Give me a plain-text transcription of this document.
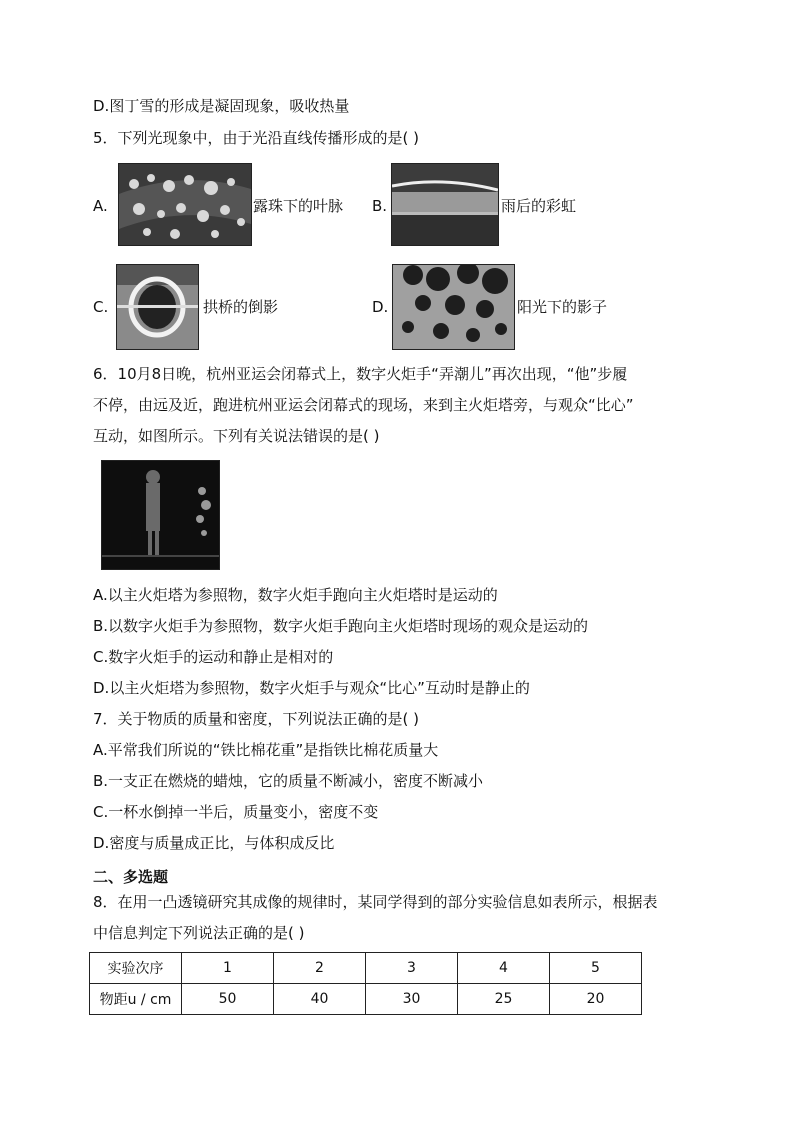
D.图丁雪的形成是凝固现象，吸收热量
5．下列光现象中，由于光沿直线传播形成的是( )
A.	露珠下的叶脉 B.	雨后的彩虹
C.	拱桥的倒影	D.	阳光下的影子
6．10月8日晚，杭州亚运会闭幕式上，数字火炬手“弄潮儿”再次出现，“他”步履
不停，由远及近，跑进杭州亚运会闭幕式的现场，来到主火炬塔旁，与观众“比心”
互动，如图所示。下列有关说法错误的是( )
A.以主火炬塔为参照物，数字火炬手跑向主火炬塔时是运动的
B.以数字火炬手为参照物，数字火炬手跑向主火炬塔时现场的观众是运动的
C.数字火炬手的运动和静止是相对的
D.以主火炬塔为参照物，数字火炬手与观众“比心”互动时是静止的
7．关于物质的质量和密度，下列说法正确的是( )
A.平常我们所说的“铁比棉花重”是指铁比棉花质量大
B.一支正在燃烧的蜡烛，它的质量不断减小，密度不断减小
C.一杯水倒掉一半后，质量变小，密度不变
D.密度与质量成正比，与体积成反比
二、多选题
8．在用一凸透镜研究其成像的规律时，某同学得到的部分实验信息如表所示，根据表
中信息判定下列说法正确的是( )
实验次序	1	2	3	4	5
物距u / cm	50	40	30	25	20
